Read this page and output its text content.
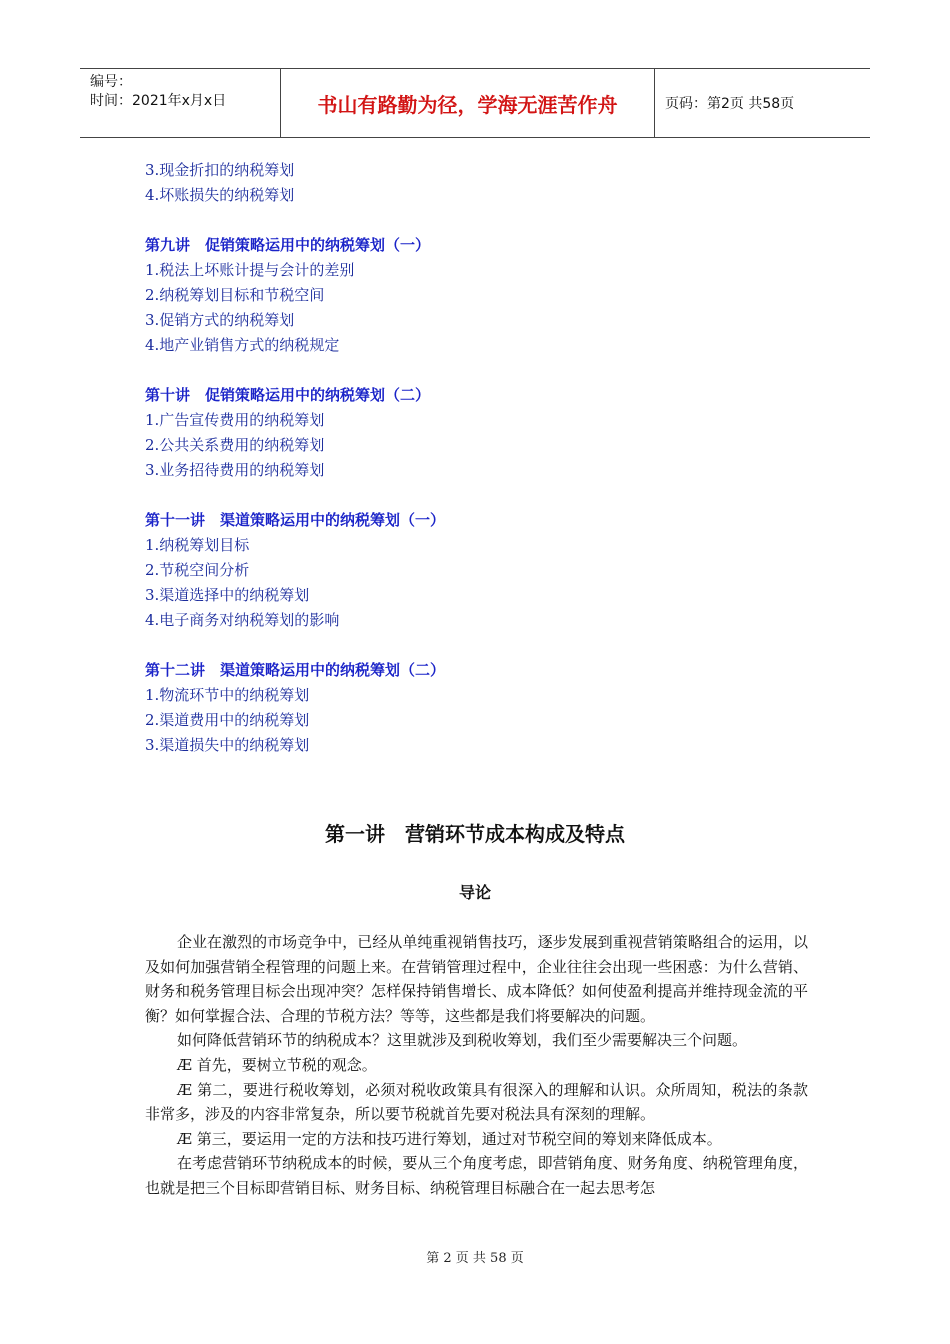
编号：
时间：2021年x月x日	书山有路勤为径，学海无涯苦作舟	页码：第2页 共58页
3.现金折扣的纳税筹划
4.坏账损失的纳税筹划
第九讲　促销策略运用中的纳税筹划（一）
1.税法上坏账计提与会计的差别
2.纳税筹划目标和节税空间
3.促销方式的纳税筹划
4.地产业销售方式的纳税规定
第十讲　促销策略运用中的纳税筹划（二）
1.广告宣传费用的纳税筹划
2.公共关系费用的纳税筹划
3.业务招待费用的纳税筹划
第十一讲　渠道策略运用中的纳税筹划（一）
1.纳税筹划目标
2.节税空间分析
3.渠道选择中的纳税筹划
4.电子商务对纳税筹划的影响
第十二讲　渠道策略运用中的纳税筹划（二）
1.物流环节中的纳税筹划
2.渠道费用中的纳税筹划
3.渠道损失中的纳税筹划
第一讲　营销环节成本构成及特点
导论

企业在激烈的市场竞争中，已经从单纯重视销售技巧，逐步发展到重视营销策略组合的运用，以及如何加强营销全程管理的问题上来。在营销管理过程中，企业往往会出现一些困惑：为什么营销、财务和税务管理目标会出现冲突？怎样保持销售增长、成本降低？如何使盈利提高并维持现金流的平衡？如何掌握合法、合理的节税方法？等等，这些都是我们将要解决的问题。

如何降低营销环节的纳税成本？这里就涉及到税收筹划，我们至少需要解决三个问题。

Æ 首先，要树立节税的观念。

Æ 第二，要进行税收筹划，必须对税收政策具有很深入的理解和认识。众所周知，税法的条款非常多，涉及的内容非常复杂，所以要节税就首先要对税法具有深刻的理解。

Æ 第三，要运用一定的方法和技巧进行筹划，通过对节税空间的筹划来降低成本。

在考虑营销环节纳税成本的时候，要从三个角度考虑，即营销角度、财务角度、纳税管理角度，也就是把三个目标即营销目标、财务目标、纳税管理目标融合在一起去思考怎

第 2 页 共 58 页
